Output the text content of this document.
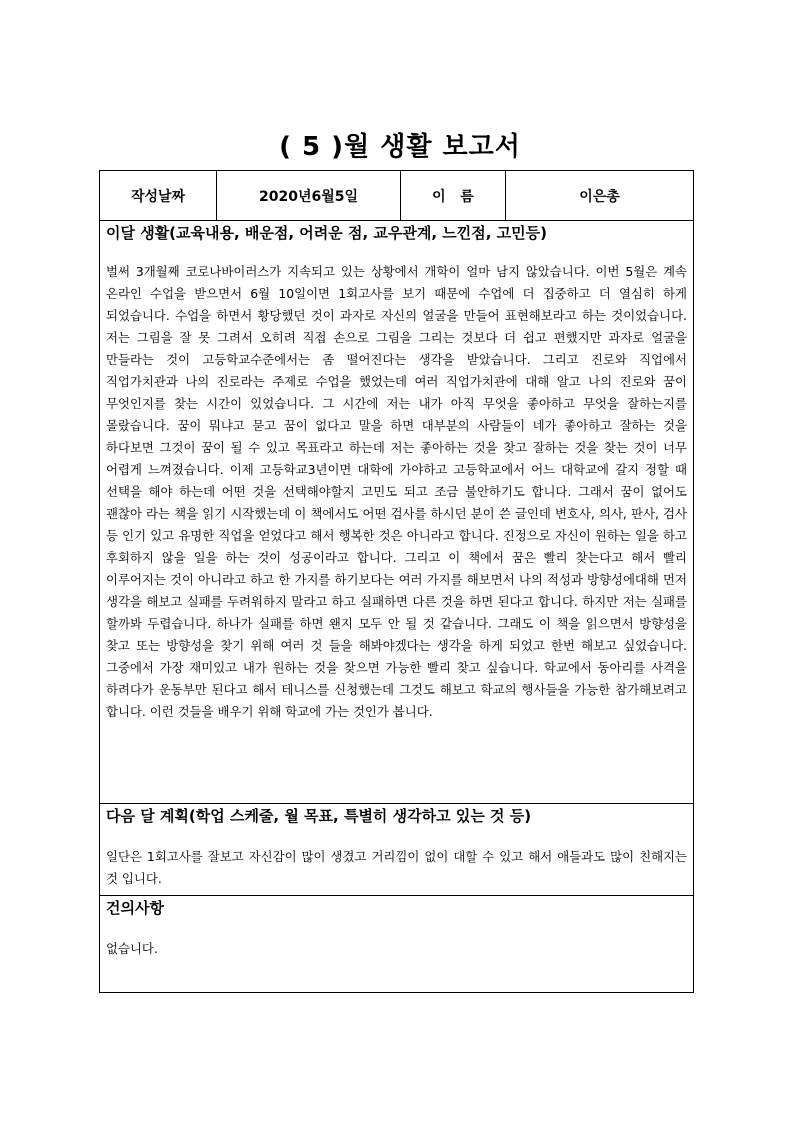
( 5 )월 생활 보고서
작성날짜	2020년6월5일	이   름	이은총
이달 생활(교육내용, 배운점, 어려운 점, 교우관계, 느낀점, 고민등)
벌써 3개월째 코로나바이러스가 지속되고 있는 상황에서 개학이 얼마 남지 않았습니다. 이번 5월은 계속 온라인 수업을 받으면서 6월 10일이면 1회고사를 보기 때문에 수업에 더 집중하고 더 열심히 하게 되었습니다. 수업을 하면서 황당했던 것이 과자로 자신의 얼굴을 만들어 표현해보라고 하는 것이었습니다. 저는 그림을 잘 못 그려서 오히려 직접 손으로 그림을 그리는 것보다 더 쉽고 편했지만 과자로 얼굴을 만들라는 것이 고등학교수준에서는 좀 떨어진다는 생각을 받았습니다. 그리고 진로와 직업에서 직업가치관과 나의 진로라는 주제로 수업을 했었는데 여러 직업가치관에 대해 알고 나의 진로와 꿈이 무엇인지를 찾는 시간이 있었습니다. 그 시간에 저는 내가 아직 무엇을 좋아하고 무엇을 잘하는지를 몰랐습니다. 꿈이 뭐냐고 묻고 꿈이 없다고 말을 하면 대부분의 사람들이 네가 좋아하고 잘하는 것을 하다보면 그것이 꿈이 될 수 있고 목표라고 하는데 저는 좋아하는 것을 찾고 잘하는 것을 찾는 것이 너무 어렵게 느껴졌습니다. 이제 고등학교3년이면 대학에 가야하고 고등학교에서 어느 대학교에 갈지 정할 때 선택을 해야 하는데 어떤 것을 선택해야할지 고민도 되고 조금 불안하기도 합니다. 그래서 꿈이 없어도 괜찮아 라는 책을 읽기 시작했는데 이 책에서도 어떤 검사를 하시던 분이 쓴 글인데 변호사, 의사, 판사, 검사 등 인기 있고 유명한 직업을 얻었다고 해서 행복한 것은 아니라고 합니다. 진정으로 자신이 원하는 일을 하고 후회하지 않을 일을 하는 것이 성공이라고 합니다. 그리고 이 책에서 꿈은 빨리 찾는다고 해서 빨리 이루어지는 것이 아니라고 하고 한 가지를 하기보다는 여러 가지를 해보면서 나의 적성과 방향성에대해 먼저 생각을 해보고 실패를 두려워하지 말라고 하고 실패하면 다른 것을 하면 된다고 합니다. 하지만 저는 실패를 할까봐 두렵습니다. 하나가 실패를 하면 왠지 모두 안 될 것 같습니다. 그래도 이 책을 읽으면서 방향성을 찾고 또는 방향성을 찾기 위해 여러 것 들을 해봐야겠다는 생각을 하게 되었고 한번 해보고 싶었습니다. 그중에서 가장 재미있고 내가 원하는 것을 찾으면 가능한 빨리 찾고 싶습니다. 학교에서 동아리를 사격을 하려다가 운동부만 된다고 해서 테니스를 신청했는데 그것도 해보고 학교의 행사들을 가능한 참가해보려고 합니다. 이런 것들을 배우기 위해 학교에 가는 것인가 봅니다.
다음 달 계획(학업 스케줄, 월 목표, 특별히 생각하고 있는 것 등)
일단은 1회고사를 잘보고 자신감이 많이 생겼고 거리낌이 없이 대할 수 있고 해서 애들과도 많이 친해지는 것 입니다.
건의사항
없습니다.
